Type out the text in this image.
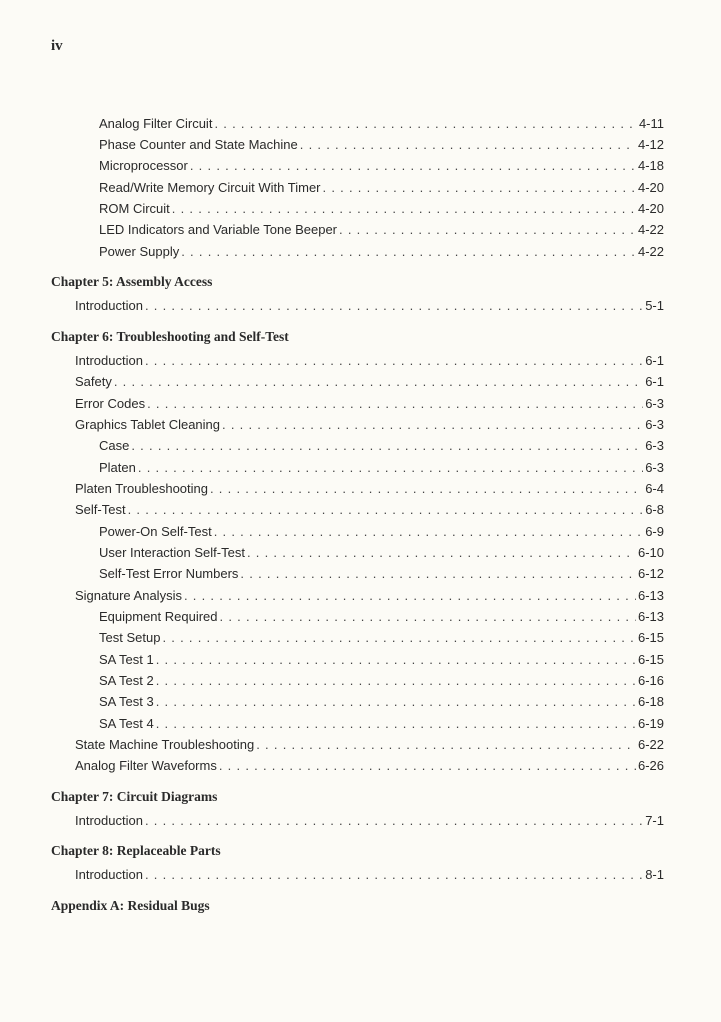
iv
Analog Filter Circuit . . .	4-11
Phase Counter and State Machine . . .	4-12
Microprocessor . . .	4-18
Read/Write Memory Circuit With Timer . . .	4-20
ROM Circuit . . .	4-20
LED Indicators and Variable Tone Beeper . . .	4-22
Power Supply . . .	4-22
Chapter 5: Assembly Access
Introduction . . .	5-1
Chapter 6: Troubleshooting and Self-Test
Introduction . . .	6-1
Safety . . .	6-1
Error Codes . . .	6-3
Graphics Tablet Cleaning . . .	6-3
Case . . .	6-3
Platen . . .	6-3
Platen Troubleshooting . . .	6-4
Self-Test . . .	6-8
Power-On Self-Test . . .	6-9
User Interaction Self-Test . . .	6-10
Self-Test Error Numbers . . .	6-12
Signature Analysis . . .	6-13
Equipment Required . . .	6-13
Test Setup . . .	6-15
SA Test 1 . . .	6-15
SA Test 2 . . .	6-16
SA Test 3 . . .	6-18
SA Test 4 . . .	6-19
State Machine Troubleshooting . . .	6-22
Analog Filter Waveforms . . .	6-26
Chapter 7: Circuit Diagrams
Introduction . . .	7-1
Chapter 8: Replaceable Parts
Introduction . . .	8-1
Appendix A: Residual Bugs
